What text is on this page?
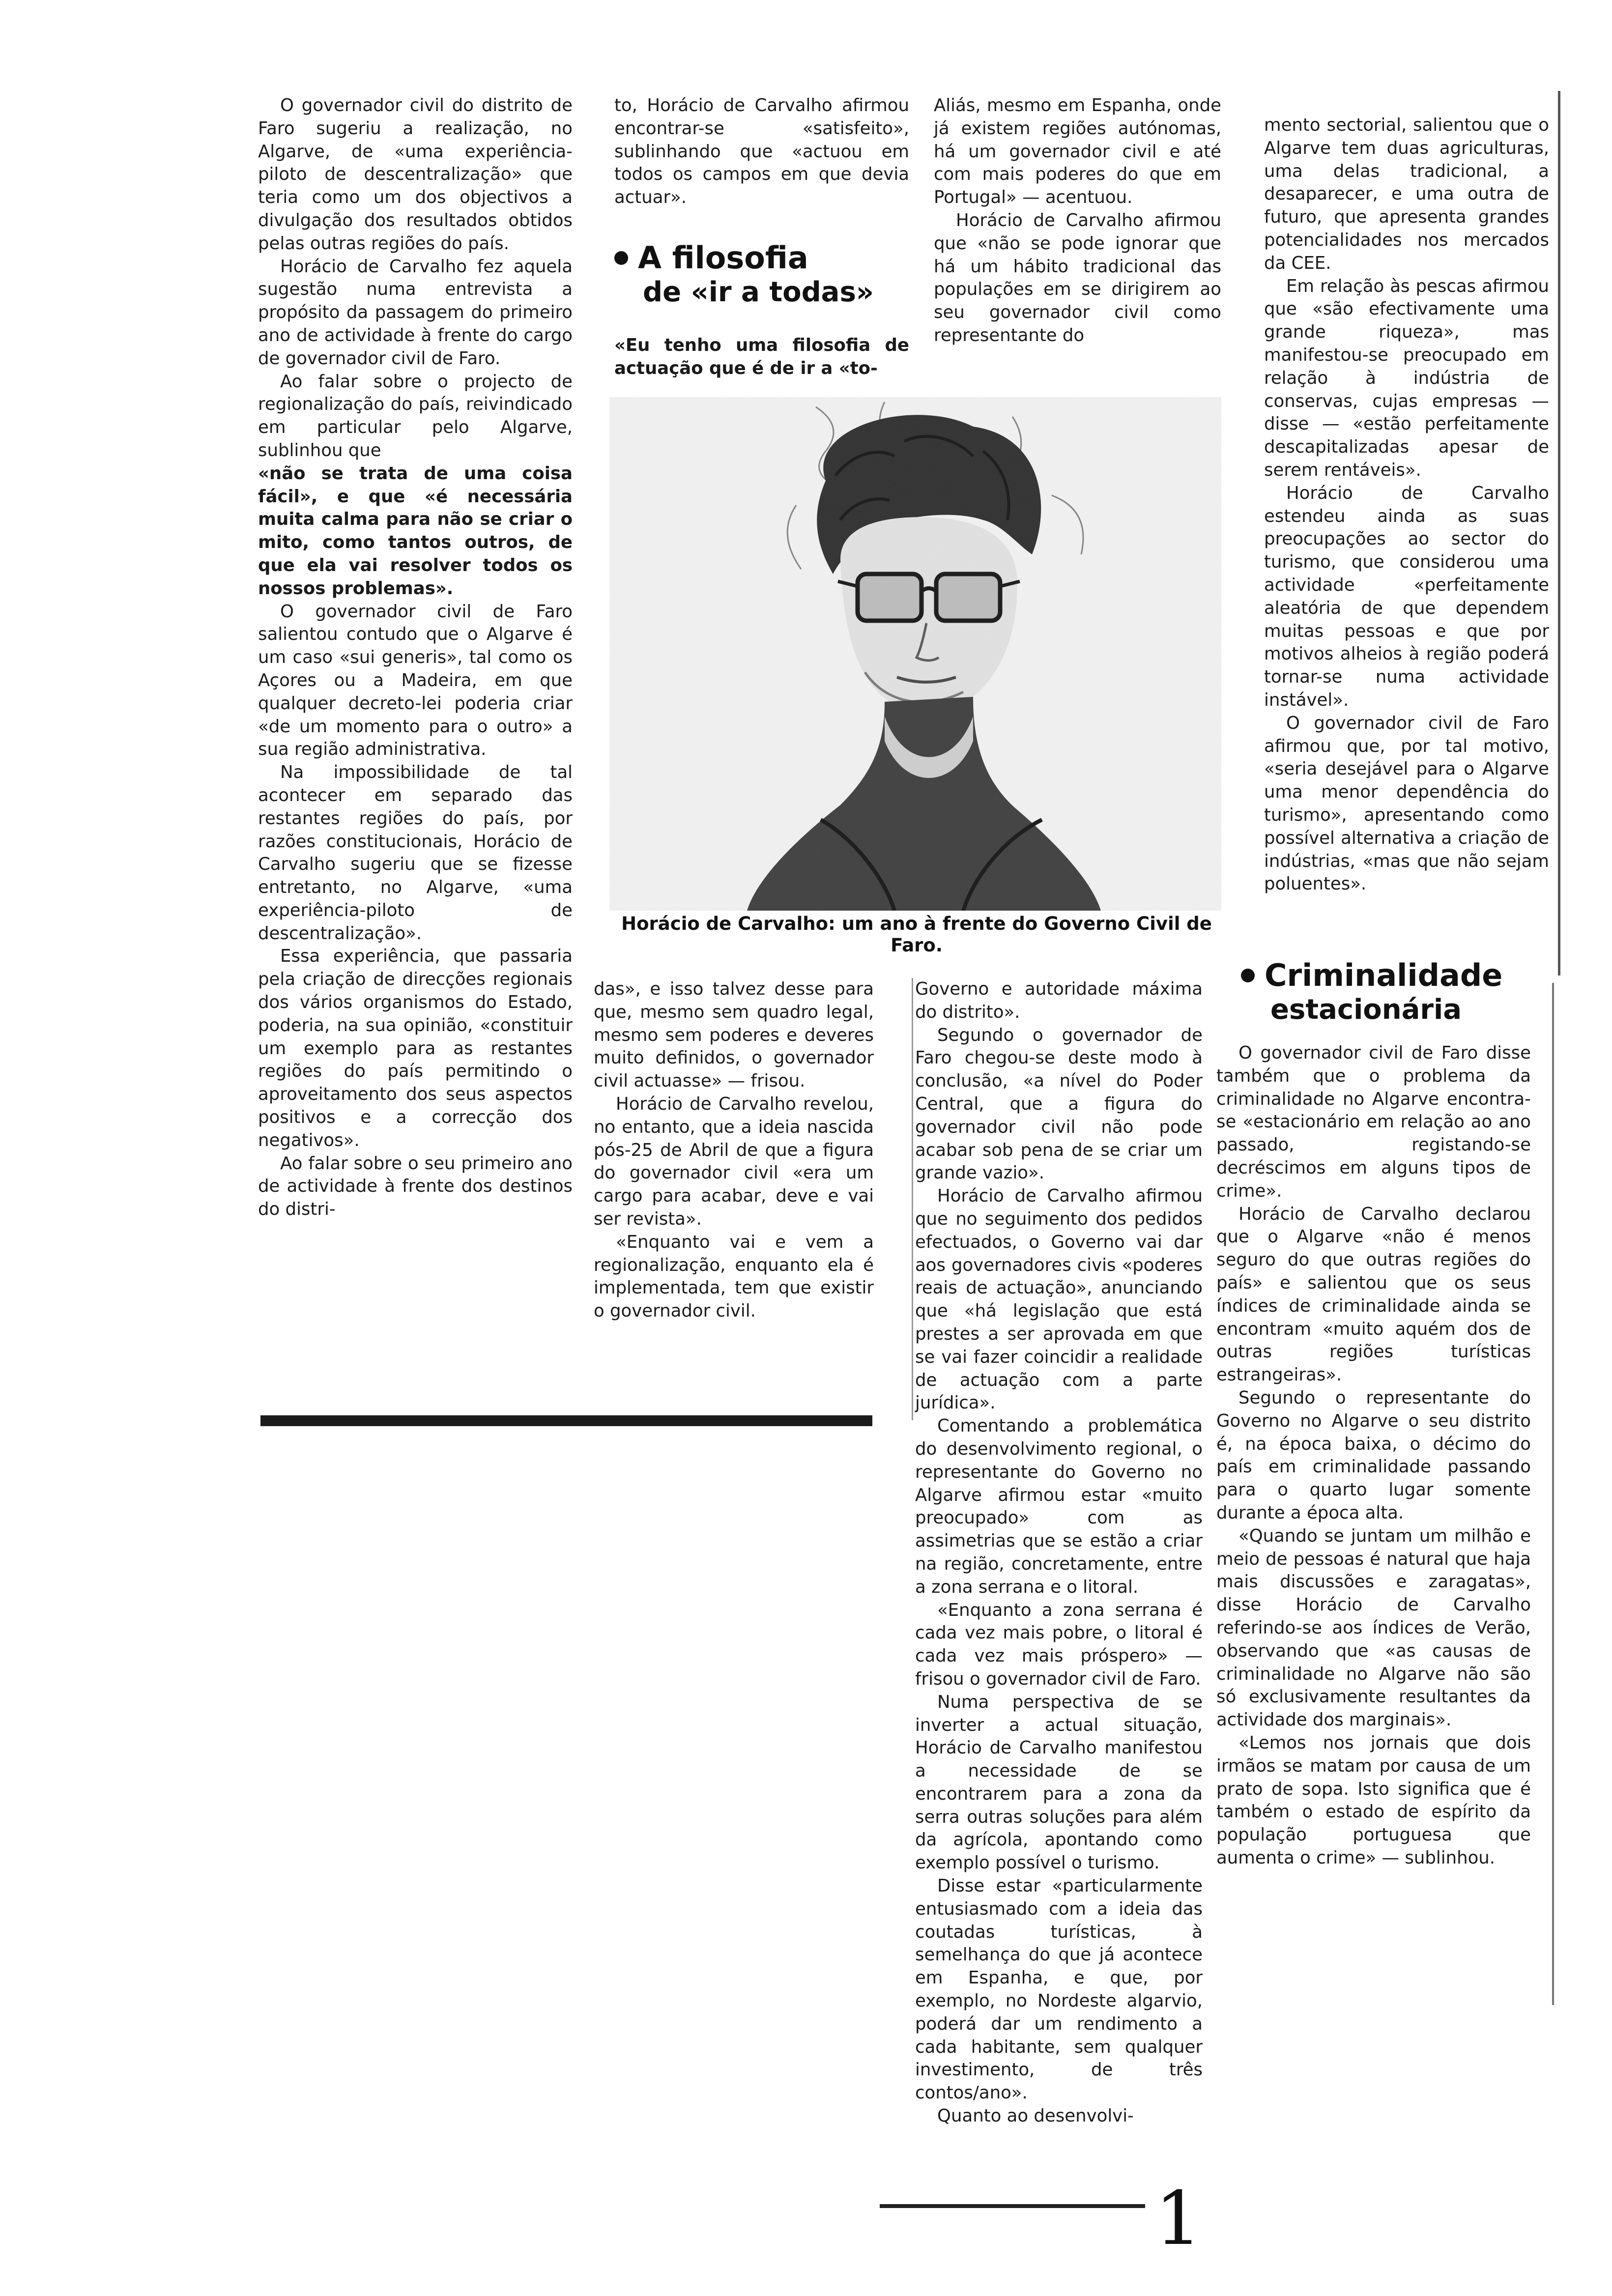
O governador civil do distrito de Faro sugeriu a realização, no Algarve, de «uma experiência-piloto de descentralização» que teria como um dos objectivos a divulgação dos resultados obtidos pelas outras regiões do país.

Horácio de Carvalho fez aquela sugestão numa entrevista a propósito da passagem do primeiro ano de actividade à frente do cargo de governador civil de Faro.

Ao falar sobre o projecto de regionalização do país, reivindicado em particular pelo Algarve, sublinhou que

«não se trata de uma coisa fácil», e que «é necessária muita calma para não se criar o mito, como tantos outros, de que ela vai resolver todos os nossos problemas».

O governador civil de Faro salientou contudo que o Algarve é um caso «sui generis», tal como os Açores ou a Madeira, em que qualquer decreto-lei poderia criar «de um momento para o outro» a sua região administrativa.

Na impossibilidade de tal acontecer em separado das restantes regiões do país, por razões constitucionais, Horácio de Carvalho sugeriu que se fizesse entretanto, no Algarve, «uma experiência-piloto de descentralização».

Essa experiência, que passaria pela criação de direcções regionais dos vários organismos do Estado, poderia, na sua opinião, «constituir um exemplo para as restantes regiões do país permitindo o aproveitamento dos seus aspectos positivos e a correcção dos negativos».

Ao falar sobre o seu primeiro ano de actividade à frente dos destinos do distri-

to, Horácio de Carvalho afirmou encontrar-se «satisfeito», sublinhando que «actuou em todos os campos em que devia actuar».

A filosofia
de «ir a todas»

«Eu tenho uma filosofia de actuação que é de ir a «to-

Aliás, mesmo em Espanha, onde já existem regiões autónomas, há um governador civil e até com mais poderes do que em Portugal» — acentuou.

Horácio de Carvalho afirmou que «não se pode ignorar que há um hábito tradicional das populações em se dirigirem ao seu governador civil como representante do

Horácio de Carvalho: um ano à frente do Governo Civil de Faro.

das», e isso talvez desse para que, mesmo sem quadro legal, mesmo sem poderes e deveres muito definidos, o governador civil actuasse» — frisou.

Horácio de Carvalho revelou, no entanto, que a ideia nascida pós-25 de Abril de que a figura do governador civil «era um cargo para acabar, deve e vai ser revista».

«Enquanto vai e vem a regionalização, enquanto ela é implementada, tem que existir o governador civil.

Governo e autoridade máxima do distrito».

Segundo o governador de Faro chegou-se deste modo à conclusão, «a nível do Poder Central, que a figura do governador civil não pode acabar sob pena de se criar um grande vazio».

Horácio de Carvalho afirmou que no seguimento dos pedidos efectuados, o Governo vai dar aos governadores civis «poderes reais de actuação», anunciando que «há legislação que está prestes a ser aprovada em que se vai fazer coincidir a realidade de actuação com a parte jurídica».

Comentando a problemática do desenvolvimento regional, o representante do Governo no Algarve afirmou estar «muito preocupado» com as assimetrias que se estão a criar na região, concretamente, entre a zona serrana e o litoral.

«Enquanto a zona serrana é cada vez mais pobre, o litoral é cada vez mais próspero» — frisou o governador civil de Faro.

Numa perspectiva de se inverter a actual situação, Horácio de Carvalho manifestou a necessidade de se encontrarem para a zona da serra outras soluções para além da agrícola, apontando como exemplo possível o turismo.

Disse estar «particularmente entusiasmado com a ideia das coutadas turísticas, à semelhança do que já acontece em Espanha, e que, por exemplo, no Nordeste algarvio, poderá dar um rendimento a cada habitante, sem qualquer investimento, de três contos/ano».

Quanto ao desenvolvi-

mento sectorial, salientou que o Algarve tem duas agriculturas, uma delas tradicional, a desaparecer, e uma outra de futuro, que apresenta grandes potencialidades nos mercados da CEE.

Em relação às pescas afirmou que «são efectivamente uma grande riqueza», mas manifestou-se preocupado em relação à indústria de conservas, cujas empresas — disse — «estão perfeitamente descapitalizadas apesar de serem rentáveis».

Horácio de Carvalho estendeu ainda as suas preocupações ao sector do turismo, que considerou uma actividade «perfeitamente aleatória de que dependem muitas pessoas e que por motivos alheios à região poderá tornar-se numa actividade instável».

O governador civil de Faro afirmou que, por tal motivo, «seria desejável para o Algarve uma menor dependência do turismo», apresentando como possível alternativa a criação de indústrias, «mas que não sejam poluentes».

Criminalidade
estacionária

O governador civil de Faro disse também que o problema da criminalidade no Algarve encontra-se «estacionário em relação ao ano passado, registando-se decréscimos em alguns tipos de crime».

Horácio de Carvalho declarou que o Algarve «não é menos seguro do que outras regiões do país» e salientou que os seus índices de criminalidade ainda se encontram «muito aquém dos de outras regiões turísticas estrangeiras».

Segundo o representante do Governo no Algarve o seu distrito é, na época baixa, o décimo do país em criminalidade passando para o quarto lugar somente durante a época alta.

«Quando se juntam um milhão e meio de pessoas é natural que haja mais discussões e zaragatas», disse Horácio de Carvalho referindo-se aos índices de Verão, observando que «as causas de criminalidade no Algarve não são só exclusivamente resultantes da actividade dos marginais».

«Lemos nos jornais que dois irmãos se matam por causa de um prato de sopa. Isto significa que é também o estado de espírito da população portuguesa que aumenta o crime» — sublinhou.

1
